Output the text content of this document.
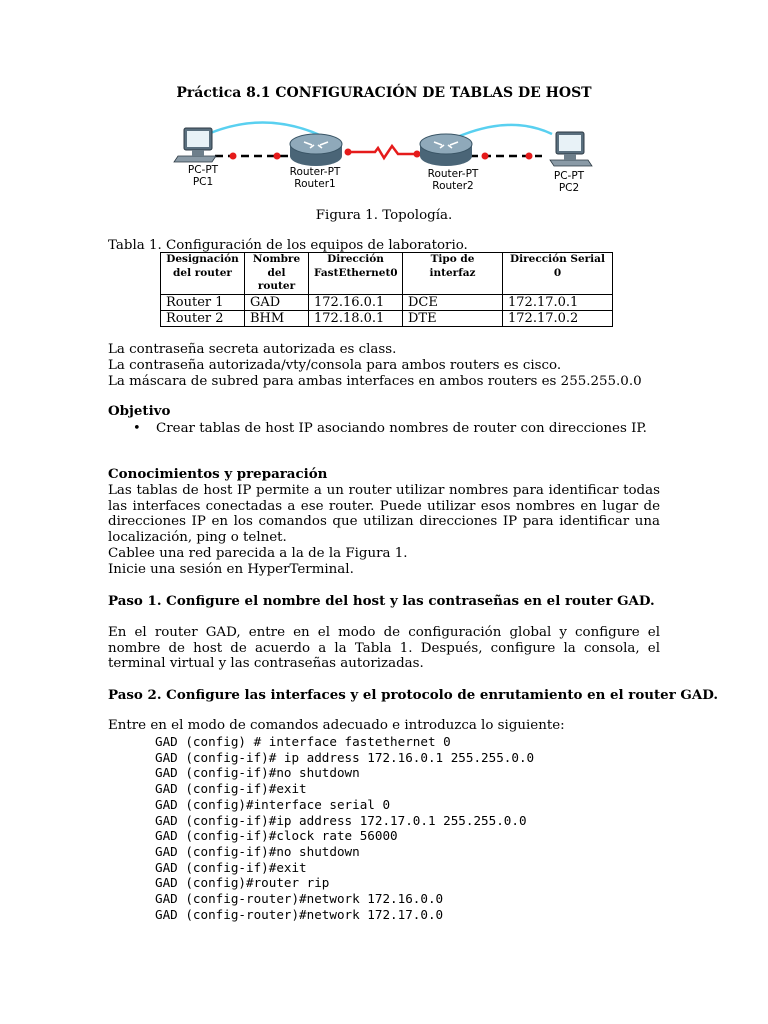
Práctica 8.1 CONFIGURACIÓN DE TABLAS DE HOST
PC-PT
PC1
Router-PT
Router1
Router-PT
Router2
PC-PT
PC2
Figura 1. Topología.
Tabla 1. Configuración de los equipos de laboratorio.
Designación del router	Nombre del router	Dirección FastEthernet0	Tipo de interfaz	Dirección Serial 0
Router 1	GAD	172.16.0.1	DCE	172.17.0.1
Router 2	BHM	172.18.0.1	DTE	172.17.0.2
La contraseña secreta autorizada es class.
La contraseña autorizada/vty/consola para ambos routers es cisco.
La máscara de subred para ambas interfaces en ambos routers es 255.255.0.0
Objetivo
• Crear tablas de host IP asociando nombres de router con direcciones IP.
Conocimientos y preparación
Las tablas de host IP permite a un router utilizar nombres para identificar todas las interfaces conectadas a ese router. Puede utilizar esos nombres en lugar de direcciones IP en los comandos que utilizan direcciones IP para identificar una localización, ping o telnet.
Cablee una red parecida a la de la Figura 1.
Inicie una sesión en HyperTerminal.
Paso 1. Configure el nombre del host y las contraseñas en el router GAD.
En el router GAD, entre en el modo de configuración global y configure el nombre de host de acuerdo a la Tabla 1. Después, configure la consola, el terminal virtual y las contraseñas autorizadas.
Paso 2. Configure las interfaces y el protocolo de enrutamiento en el router GAD.
Entre en el modo de comandos adecuado e introduzca lo siguiente:
GAD (config) # interface fastethernet 0
GAD (config-if)# ip address 172.16.0.1 255.255.0.0
GAD (config-if)#no shutdown
GAD (config-if)#exit
GAD (config)#interface serial 0
GAD (config-if)#ip address 172.17.0.1 255.255.0.0
GAD (config-if)#clock rate 56000
GAD (config-if)#no shutdown
GAD (config-if)#exit
GAD (config)#router rip
GAD (config-router)#network 172.16.0.0
GAD (config-router)#network 172.17.0.0
